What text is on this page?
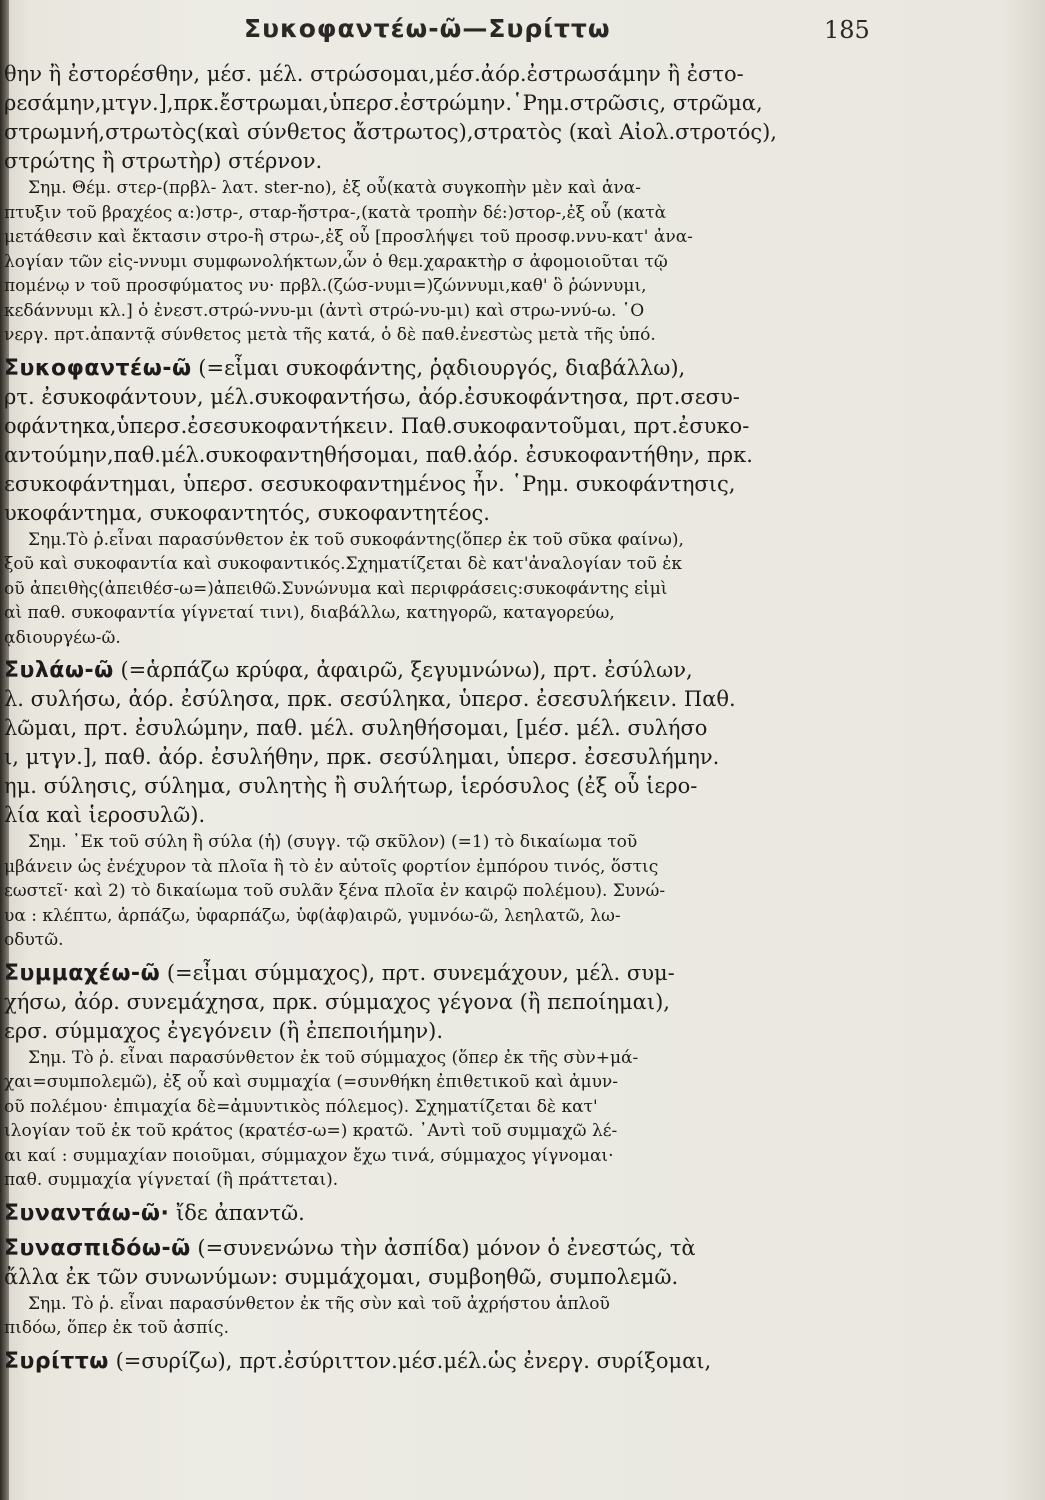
Συκοφαντέω-ῶ—Συρίττω	185
θην ἢ ἐστορέσθην, μέσ. μέλ. στρώσομαι,μέσ.ἀόρ.ἐστρωσάμην ἢ ἐστο-
ρεσάμην,μτγν.],πρκ.ἔστρωμαι,ὑπερσ.ἐστρώμην.῾Ρημ.στρῶσις, στρῶμα,
στρωμνή,στρωτὸς(καὶ σύνθετος ἄστρωτος),στρατὸς (καὶ Αἰολ.στροτός),
στρώτης ἢ στρωτὴρ) στέρνον.
Σημ. Θέμ. στερ-(πρβλ- λατ. ster-no), ἐξ οὗ(κατὰ συγκοπὴν μὲν καὶ ἀνα-
πτυξιν τοῦ βραχέος α:)στρ-, σταρ-ἤστρα-,(κατὰ τροπὴν δέ:)στορ-,ἐξ οὗ (κατὰ
μετάθεσιν καὶ ἔκτασιν στρο-ἢ στρω-,ἐξ οὗ [προσλήψει τοῦ προσφ.ννυ-κατ' ἀνα-
λογίαν τῶν εἰς-ννυμι συμφωνολήκτων,ὧν ὁ θεμ.χαρακτὴρ σ ἀφομοιοῦται τῷ
πομένῳ ν τοῦ προσφύματος νυ· πρβλ.(ζώσ-νυμι=)ζώννυμι,καθ' ὃ ῥώννυμι,
κεδάννυμι κλ.] ὁ ἐνεστ.στρώ-ννυ-μι (ἀντὶ στρώ-νυ-μι) καὶ στρω-ννύ-ω. ῾Ο
νεργ. πρτ.ἀπαντᾷ σύνθετος μετὰ τῆς κατά, ὁ δὲ παθ.ἐνεστὼς μετὰ τῆς ὑπό.
Συκοφαντέω-ῶ (=εἶμαι συκοφάντης, ῥᾳδιουργός, διαβάλλω),
ρτ. ἐσυκοφάντουν, μέλ.συκοφαντήσω, ἀόρ.ἐσυκοφάντησα, πρτ.σεσυ-
οφάντηκα,ὑπερσ.ἐσεσυκοφαντήκειν. Παθ.συκοφαντοῦμαι, πρτ.ἐσυκο-
αντούμην,παθ.μέλ.συκοφαντηθήσομαι, παθ.ἀόρ. ἐσυκοφαντήθην, πρκ.
εσυκοφάντημαι, ὑπερσ. σεσυκοφαντημένος ἦν. ῾Ρημ. συκοφάντησις,
υκοφάντημα, συκοφαντητός, συκοφαντητέος.
Σημ.Τὸ ῥ.εἶναι παρασύνθετον ἐκ τοῦ συκοφάντης(ὅπερ ἐκ τοῦ σῦκα φαίνω),
ξοῦ καὶ συκοφαντία καὶ συκοφαντικός.Σχηματίζεται δὲ κατ'ἀναλογίαν τοῦ ἐκ
οῦ ἀπειθὴς(ἀπειθέσ-ω=)ἀπειθῶ.Συνώνυμα καὶ περιφράσεις:συκοφάντης εἰμὶ
αὶ παθ. συκοφαντία γίγνεταί τινι), διαβάλλω, κατηγορῶ, καταγορεύω,
ᾳδιουργέω-ῶ.
Συλάω-ῶ (=ἁρπάζω κρύφα, ἀφαιρῶ, ξεγυμνώνω), πρτ. ἐσύλων,
λ. συλήσω, ἀόρ. ἐσύλησα, πρκ. σεσύληκα, ὑπερσ. ἐσεσυλήκειν. Παθ.
λῶμαι, πρτ. ἐσυλώμην, παθ. μέλ. συληθήσομαι, [μέσ. μέλ. συλήσο
ι, μτγν.], παθ. ἀόρ. ἐσυλήθην, πρκ. σεσύλημαι, ὑπερσ. ἐσεσυλήμην.
ημ. σύλησις, σύλημα, συλητὴς ἢ συλήτωρ, ἱερόσυλος (ἐξ οὗ ἱερο-
λία καὶ ἱεροσυλῶ).
Σημ. ᾽Εκ τοῦ σύλη ἢ σύλα (ἡ) (συγγ. τῷ σκῦλον) (=1) τὸ δικαίωμα τοῦ
μβάνειν ὡς ἐνέχυρον τὰ πλοῖα ἢ τὸ ἐν αὐτοῖς φορτίον ἐμπόρου τινός, ὅστις
εωστεῖ· καὶ 2) τὸ δικαίωμα τοῦ συλᾶν ξένα πλοῖα ἐν καιρῷ πολέμου). Συνώ-
υα : κλέπτω, ἁρπάζω, ὑφαρπάζω, ὑφ(ἀφ)αιρῶ, γυμνόω-ῶ, λεηλατῶ, λω-
οδυτῶ.
Συμμαχέω-ῶ (=εἶμαι σύμμαχος), πρτ. συνεμάχουν, μέλ. συμ-
χήσω, ἀόρ. συνεμάχησα, πρκ. σύμμαχος γέγονα (ἢ πεποίημαι),
ερσ. σύμμαχος ἐγεγόνειν (ἢ ἐπεποιήμην).
Σημ. Τὸ ῥ. εἶναι παρασύνθετον ἐκ τοῦ σύμμαχος (ὅπερ ἐκ τῆς σὺν+μά-
χαι=συμπολεμῶ), ἐξ οὗ καὶ συμμαχία (=συνθήκη ἐπιθετικοῦ καὶ ἀμυν-
οῦ πολέμου· ἐπιμαχία δὲ=ἀμυντικὸς πόλεμος). Σχηματίζεται δὲ κατ'
ιλογίαν τοῦ ἐκ τοῦ κράτος (κρατέσ-ω=) κρατῶ. ᾽Αντὶ τοῦ συμμαχῶ λέ-
αι καί : συμμαχίαν ποιοῦμαι, σύμμαχον ἔχω τινά, σύμμαχος γίγνομαι·
παθ. συμμαχία γίγνεταί (ἢ πράττεται).
Συναντάω-ῶ· ἴδε ἀπαντῶ.
Συνασπιδόω-ῶ (=συνενώνω τὴν ἀσπίδα) μόνον ὁ ἐνεστώς, τὰ
ἄλλα ἐκ τῶν συνωνύμων: συμμάχομαι, συμβοηθῶ, συμπολεμῶ.
Σημ. Τὸ ῥ. εἶναι παρασύνθετον ἐκ τῆς σὺν καὶ τοῦ ἀχρήστου ἁπλοῦ
πιδόω, ὅπερ ἐκ τοῦ ἀσπίς.
Συρίττω (=συρίζω), πρτ.ἐσύριττον.μέσ.μέλ.ὡς ἐνεργ. συρίξομαι,
